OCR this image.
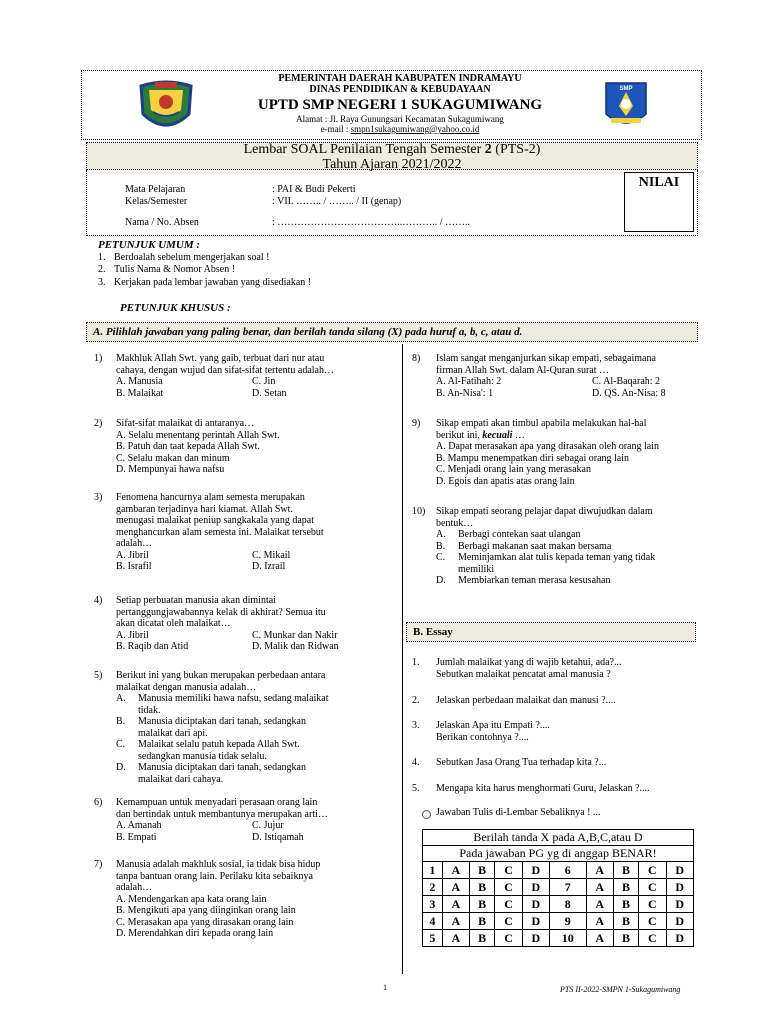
SMP
PEMERINTAH DAERAH KABUPATEN INDRAMAYU
DINAS PENDIDIKAN & KEBUDAYAAN
UPTD SMP NEGERI 1 SUKAGUMIWANG
Alamat : Jl. Raya Gunungsari Kecamatan Sukagumiwang
e-mail : smpn1sukagumiwang@yahoo.co.id
Lembar SOAL Penilaian Tengah Semester 2 (PTS-2)
Tahun Ajaran 2021/2022
Mata Pelajaran	: PAI & Budi Pekerti
Kelas/Semester	: VII. …….. / …….. / II (genap)
Nama / No. Absen	: ………………………………..……….. / ……..
NILAI
PETUNJUK UMUM :
1. Berdoalah sebelum mengerjakan soal !
2. Tulis Nama & Nomor Absen !
3. Kerjakan pada lembar jawaban yang disediakan !
PETUNJUK KHUSUS :
A. Pilihlah jawaban yang paling benar, dan berilah tanda silang (X) pada huruf a, b, c, atau d.
1) Makhluk Allah Swt. yang gaib, terbuat dari nur atau
cahaya, dengan wujud dan sifat-sifat tertentu adalah…
A. Manusia	C. Jin
B. Malaikat	D. Setan
2) Sifat-sifat malaikat di antaranya…
A. Selalu menentang perintah Allah Swt.
B. Patuh dan taat kepada Allah Swt.
C. Selalu makan dan minum
D. Mempunyai hawa nafsu
3) Fenomena hancurnya alam semesta merupakan
gambaran terjadinya hari kiamat. Allah Swt.
menugasi malaikat peniup sangkakala yang dapat
menghancurkan alam semesta ini. Malaikat tersebut
adalah…
A. Jibril	C. Mikail
B. Israfil	D. Izrail
4) Setiap perbuatan manusia akan dimintai
pertanggungjawabannya kelak di akhirat? Semua itu
akan dicatat oleh malaikat…
A. Jibril	C. Munkar dan Nakir
B. Raqib dan Atid	D. Malik dan Ridwan
5) Berikut ini yang bukan merupakan perbedaan antara
malaikat dengan manusia adalah…
A.	Manusia memiliki hawa nafsu, sedang malaikat
tidak.
B.	Manusia diciptakan dari tanah, sedangkan
malaikat dari api.
C.	Malaikat selalu patuh kepada Allah Swt.
sedangkan manusia tidak selalu.
D.	Manusia diciptakan dari tanah, sedangkan
malaikat dari cahaya.
6) Kemampuan untuk menyadari perasaan orang lain
dan bertindak untuk membantunya merupakan arti…
A. Amanah	C. Jujur
B. Empati	D. Istiqamah
7) Manusia adalah makhluk sosial, ia tidak bisa hidup
tanpa bantuan orang lain. Perilaku kita sebaiknya
adalah…
A. Mendengarkan apa kata orang lain
B. Mengikuti apa yang diinginkan orang lain
C. Merasakan apa yang dirasakan orang lain
D. Merendahkan diri kepada orang lain
8) Islam sangat menganjurkan sikap empati, sebagaimana
firman Allah Swt. dalam Al-Quran surat …
A. Al-Fatihah: 2	C. Al-Baqarah: 2
B. An-Nisa': 1	D. QS. An-Nisa: 8
9) Sikap empati akan timbul apabila melakukan hal-hal
berikut ini, kecuali …
A. Dapat merasakan apa yang dirasakan oleh orang lain
B. Mampu menempatkan diri sebagai orang lain
C. Menjadi orang lain yang merasakan
D. Egois dan apatis atas orang lain
10) Sikap empati seorang pelajar dapat diwujudkan dalam
bentuk…
A.	Berbagi contekan saat ulangan
B.	Berbagi makanan saat makan bersama
C.	Meminjamkan alat tulis kepada teman yang tidak
memiliki
D.	Membiarkan teman merasa kesusahan
B. Essay
1. Jumlah malaikat yang di wajib ketahui, ada?...
Sebutkan malaikat pencatat amal manusia ?
2. Jelaskan perbedaan malaikat dan manusi ?....
3. Jelaskan Apa itu Empati ?....
Berikan contohnya ?....
4. Sebutkan Jasa Orang Tua terhadap kita ?...
5. Mengapa kita harus menghormati Guru, Jelaskan ?....
Jawaban Tulis di-Lembar Sebaliknya ! ...
Berilah tanda X pada A,B,C,atau D									
Pada jawaban PG yg di anggap BENAR!									
1	A	B	C	D	6	A	B	C	D
2	A	B	C	D	7	A	B	C	D
3	A	B	C	D	8	A	B	C	D
4	A	B	C	D	9	A	B	C	D
5	A	B	C	D	10	A	B	C	D
1	PTS II-2022-SMPN 1-Sukagumiwang
